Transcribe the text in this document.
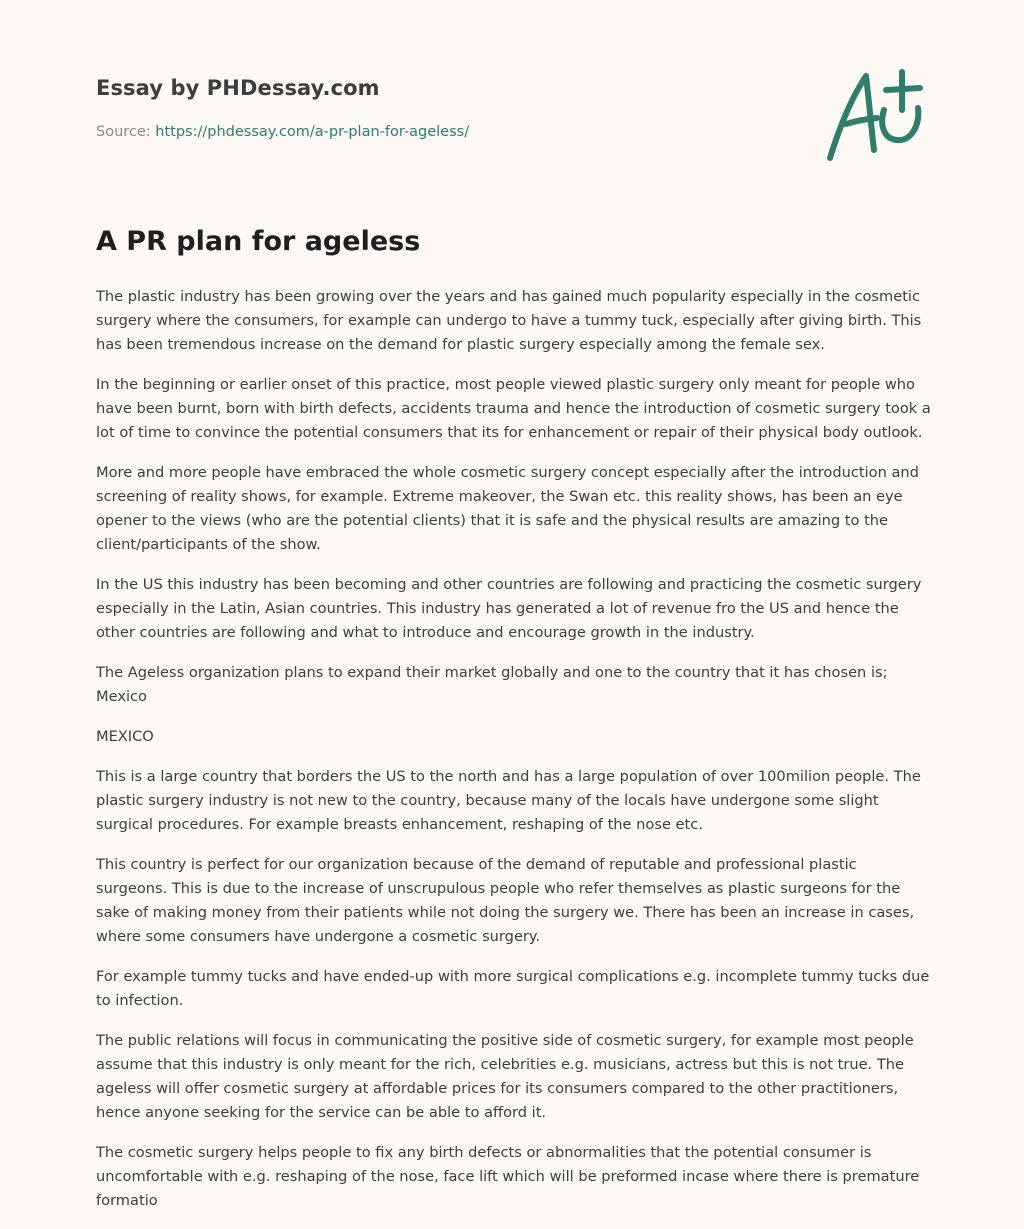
Essay by PHDessay.com
Source: https://phdessay.com/a-pr-plan-for-ageless/
A PR plan for ageless

The plastic industry has been growing over the years and has gained much popularity especially in the cosmetic surgery where the consumers, for example can undergo to have a tummy tuck, especially after giving birth. This has been tremendous increase on the demand for plastic surgery especially among the female sex.

In the beginning or earlier onset of this practice, most people viewed plastic surgery only meant for people who have been burnt, born with birth defects, accidents trauma and hence the introduction of cosmetic surgery took a lot of time to convince the potential consumers that its for enhancement or repair of their physical body outlook.

More and more people have embraced the whole cosmetic surgery concept especially after the introduction and screening of reality shows, for example. Extreme makeover, the Swan etc. this reality shows, has been an eye opener to the views (who are the potential clients) that it is safe and the physical results are amazing to the client/participants of the show.

In the US this industry has been becoming and other countries are following and practicing the cosmetic surgery especially in the Latin, Asian countries. This industry has generated a lot of revenue fro the US and hence the other countries are following and what to introduce and encourage growth in the industry.

The Ageless organization plans to expand their market globally and one to the country that it has chosen is; Mexico

MEXICO

This is a large country that borders the US to the north and has a large population of over 100milion people. The plastic surgery industry is not new to the country, because many of the locals have undergone some slight surgical procedures. For example breasts enhancement, reshaping of the nose etc.

This country is perfect for our organization because of the demand of reputable and professional plastic surgeons. This is due to the increase of unscrupulous people who refer themselves as plastic surgeons for the sake of making money from their patients while not doing the surgery we. There has been an increase in cases, where some consumers have undergone a cosmetic surgery.

For example tummy tucks and have ended-up with more surgical complications e.g. incomplete tummy tucks due to infection.

The public relations will focus in communicating the positive side of cosmetic surgery, for example most people assume that this industry is only meant for the rich, celebrities e.g. musicians, actress but this is not true. The ageless will offer cosmetic surgery at affordable prices for its consumers compared to the other practitioners, hence anyone seeking for the service can be able to afford it.

The cosmetic surgery helps people to fix any birth defects or abnormalities that the potential consumer is uncomfortable with e.g. reshaping of the nose, face lift which will be preformed incase where there is premature formatio
